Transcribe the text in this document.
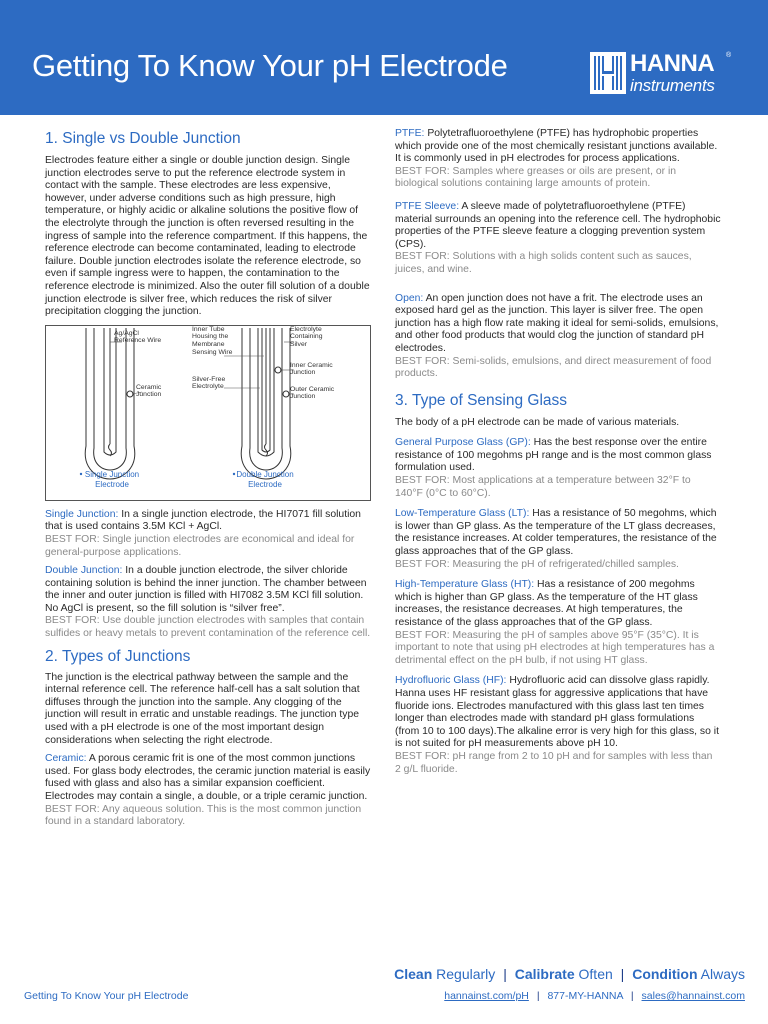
Getting To Know Your pH Electrode	HANNA
instruments
®
1. Single vs Double Junction

Electrodes feature either a single or double junction design. Single junction electrodes serve to put the reference electrode system in contact with the sample. These electrodes are less expensive, however, under adverse conditions such as high pressure, high temperature, or highly acidic or alkaline solutions the positive flow of the electrolyte through the junction is often reversed resulting in the ingress of sample into the reference compartment. If this happens, the reference electrode can become contaminated, leading to electrode failure. Double junction electrodes isolate the reference electrode, so even if sample ingress were to happen, the contamination to the reference electrode is minimized. Also the outer fill solution of a double junction electrode is silver free, which reduces the risk of silver precipitation clogging the junction.

Ag/AgCl Reference Wire
Ceramic Junction
Inner Tube Housing the Membrane Sensing Wire
Silver-Free Electrolyte
Electrolyte Containing Silver
Inner Ceramic Junction
Outer Ceramic Junction
Single Junction Electrode
Double Junction Electrode

Single Junction: In a single junction electrode, the HI7071 fill solution that is used contains 3.5M KCl + AgCl.

BEST FOR: Single junction electrodes are economical and ideal for general-purpose applications.

Double Junction: In a double junction electrode, the silver chloride containing solution is behind the inner junction. The chamber between the inner and outer junction is filled with HI7082 3.5M KCl fill solution. No AgCl is present, so the fill solution is “silver free”.

BEST FOR: Use double junction electrodes with samples that contain sulfides or heavy metals to prevent contamination of the reference cell.

2. Types of Junctions

The junction is the electrical pathway between the sample and the internal reference cell. The reference half-cell has a salt solution that diffuses through the junction into the sample. Any clogging of the junction will result in erratic and unstable readings. The junction type used with a pH electrode is one of the most important design considerations when selecting the right electrode.

Ceramic: A porous ceramic frit is one of the most common junctions used. For glass body electrodes, the ceramic junction material is easily fused with glass and also has a similar expansion coefficient. Electrodes may contain a single, a double, or a triple ceramic junction.

BEST FOR: Any aqueous solution. This is the most common junction found in a standard laboratory.

PTFE: Polytetrafluoroethylene (PTFE) has hydrophobic properties which provide one of the most chemically resistant junctions available. It is commonly used in pH electrodes for process applications.

BEST FOR: Samples where greases or oils are present, or in biological solutions containing large amounts of protein.

PTFE Sleeve: A sleeve made of polytetrafluoroethylene (PTFE) material surrounds an opening into the reference cell. The hydrophobic properties of the PTFE sleeve feature a clogging prevention system (CPS).

BEST FOR: Solutions with a high solids content such as sauces, juices, and wine.

Open: An open junction does not have a frit. The electrode uses an exposed hard gel as the junction. This layer is silver free. The open junction has a high flow rate making it ideal for semi-solids, emulsions, and other food products that would clog the junction of standard pH electrodes.

BEST FOR: Semi-solids, emulsions, and direct measurement of food products.

3. Type of Sensing Glass

The body of a pH electrode can be made of various materials.

General Purpose Glass (GP): Has the best response over the entire resistance of 100 megohms pH range and is the most common glass formulation used.

BEST FOR: Most applications at a temperature between 32°F to 140°F (0°C to 60°C).

Low-Temperature Glass (LT): Has a resistance of 50 megohms, which is lower than GP glass. As the temperature of the LT glass decreases, the resistance increases. At colder temperatures, the resistance of the glass approaches that of the GP glass.

BEST FOR: Measuring the pH of refrigerated/chilled samples.

High-Temperature Glass (HT): Has a resistance of 200 megohms which is higher than GP glass. As the temperature of the HT glass increases, the resistance decreases. At high temperatures, the resistance of the glass approaches that of the GP glass.

BEST FOR: Measuring the pH of samples above 95°F (35°C). It is important to note that using pH electrodes at high temperatures has a detrimental effect on the pH bulb, if not using HT glass.

Hydrofluoric Glass (HF): Hydrofluoric acid can dissolve glass rapidly. Hanna uses HF resistant glass for aggressive applications that have fluoride ions. Electrodes manufactured with this glass last ten times longer than electrodes made with standard pH glass formulations (from 10 to 100 days).The alkaline error is very high for this glass, so it is not suited for pH measurements above pH 10.

BEST FOR: pH range from 2 to 10 pH and for samples with less than 2 g/L fluoride.

Clean Regularly | Calibrate Often | Condition Always
hannainst.com/pH | 877-MY-HANNA | sales@hannainst.com
Getting To Know Your pH Electrode
